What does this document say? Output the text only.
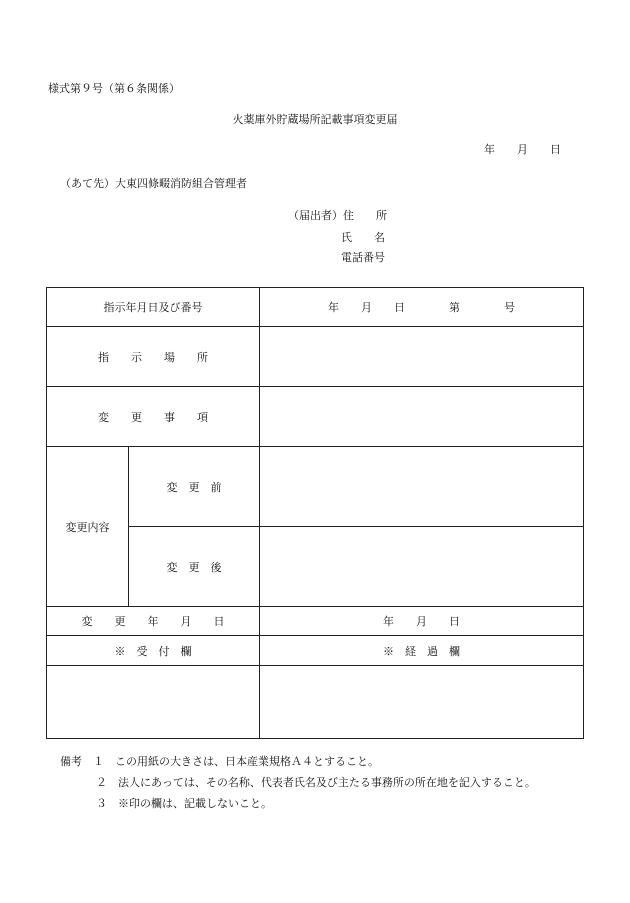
様式第９号（第６条関係）
火薬庫外貯蔵場所記載事項変更届
年　　月　　日
（あて先）大東四條畷消防組合管理者
（届出者）住　　所
氏　　名
電話番号
指示年月日及び番号		年　　月　　日　　　　第　　　　号
指　　示　　場　　所		
変　　更　　事　　項		
変更内容	変　更　前	
	変　更　後	
変　　更　　年　　月　　日		年　　月　　日
※　受　付　欄		※　経　過　欄

備考　１　この用紙の大きさは、日本産業規格Ａ４とすること。
２　法人にあっては、その名称、代表者氏名及び主たる事務所の所在地を記入すること。
３　※印の欄は、記載しないこと。
